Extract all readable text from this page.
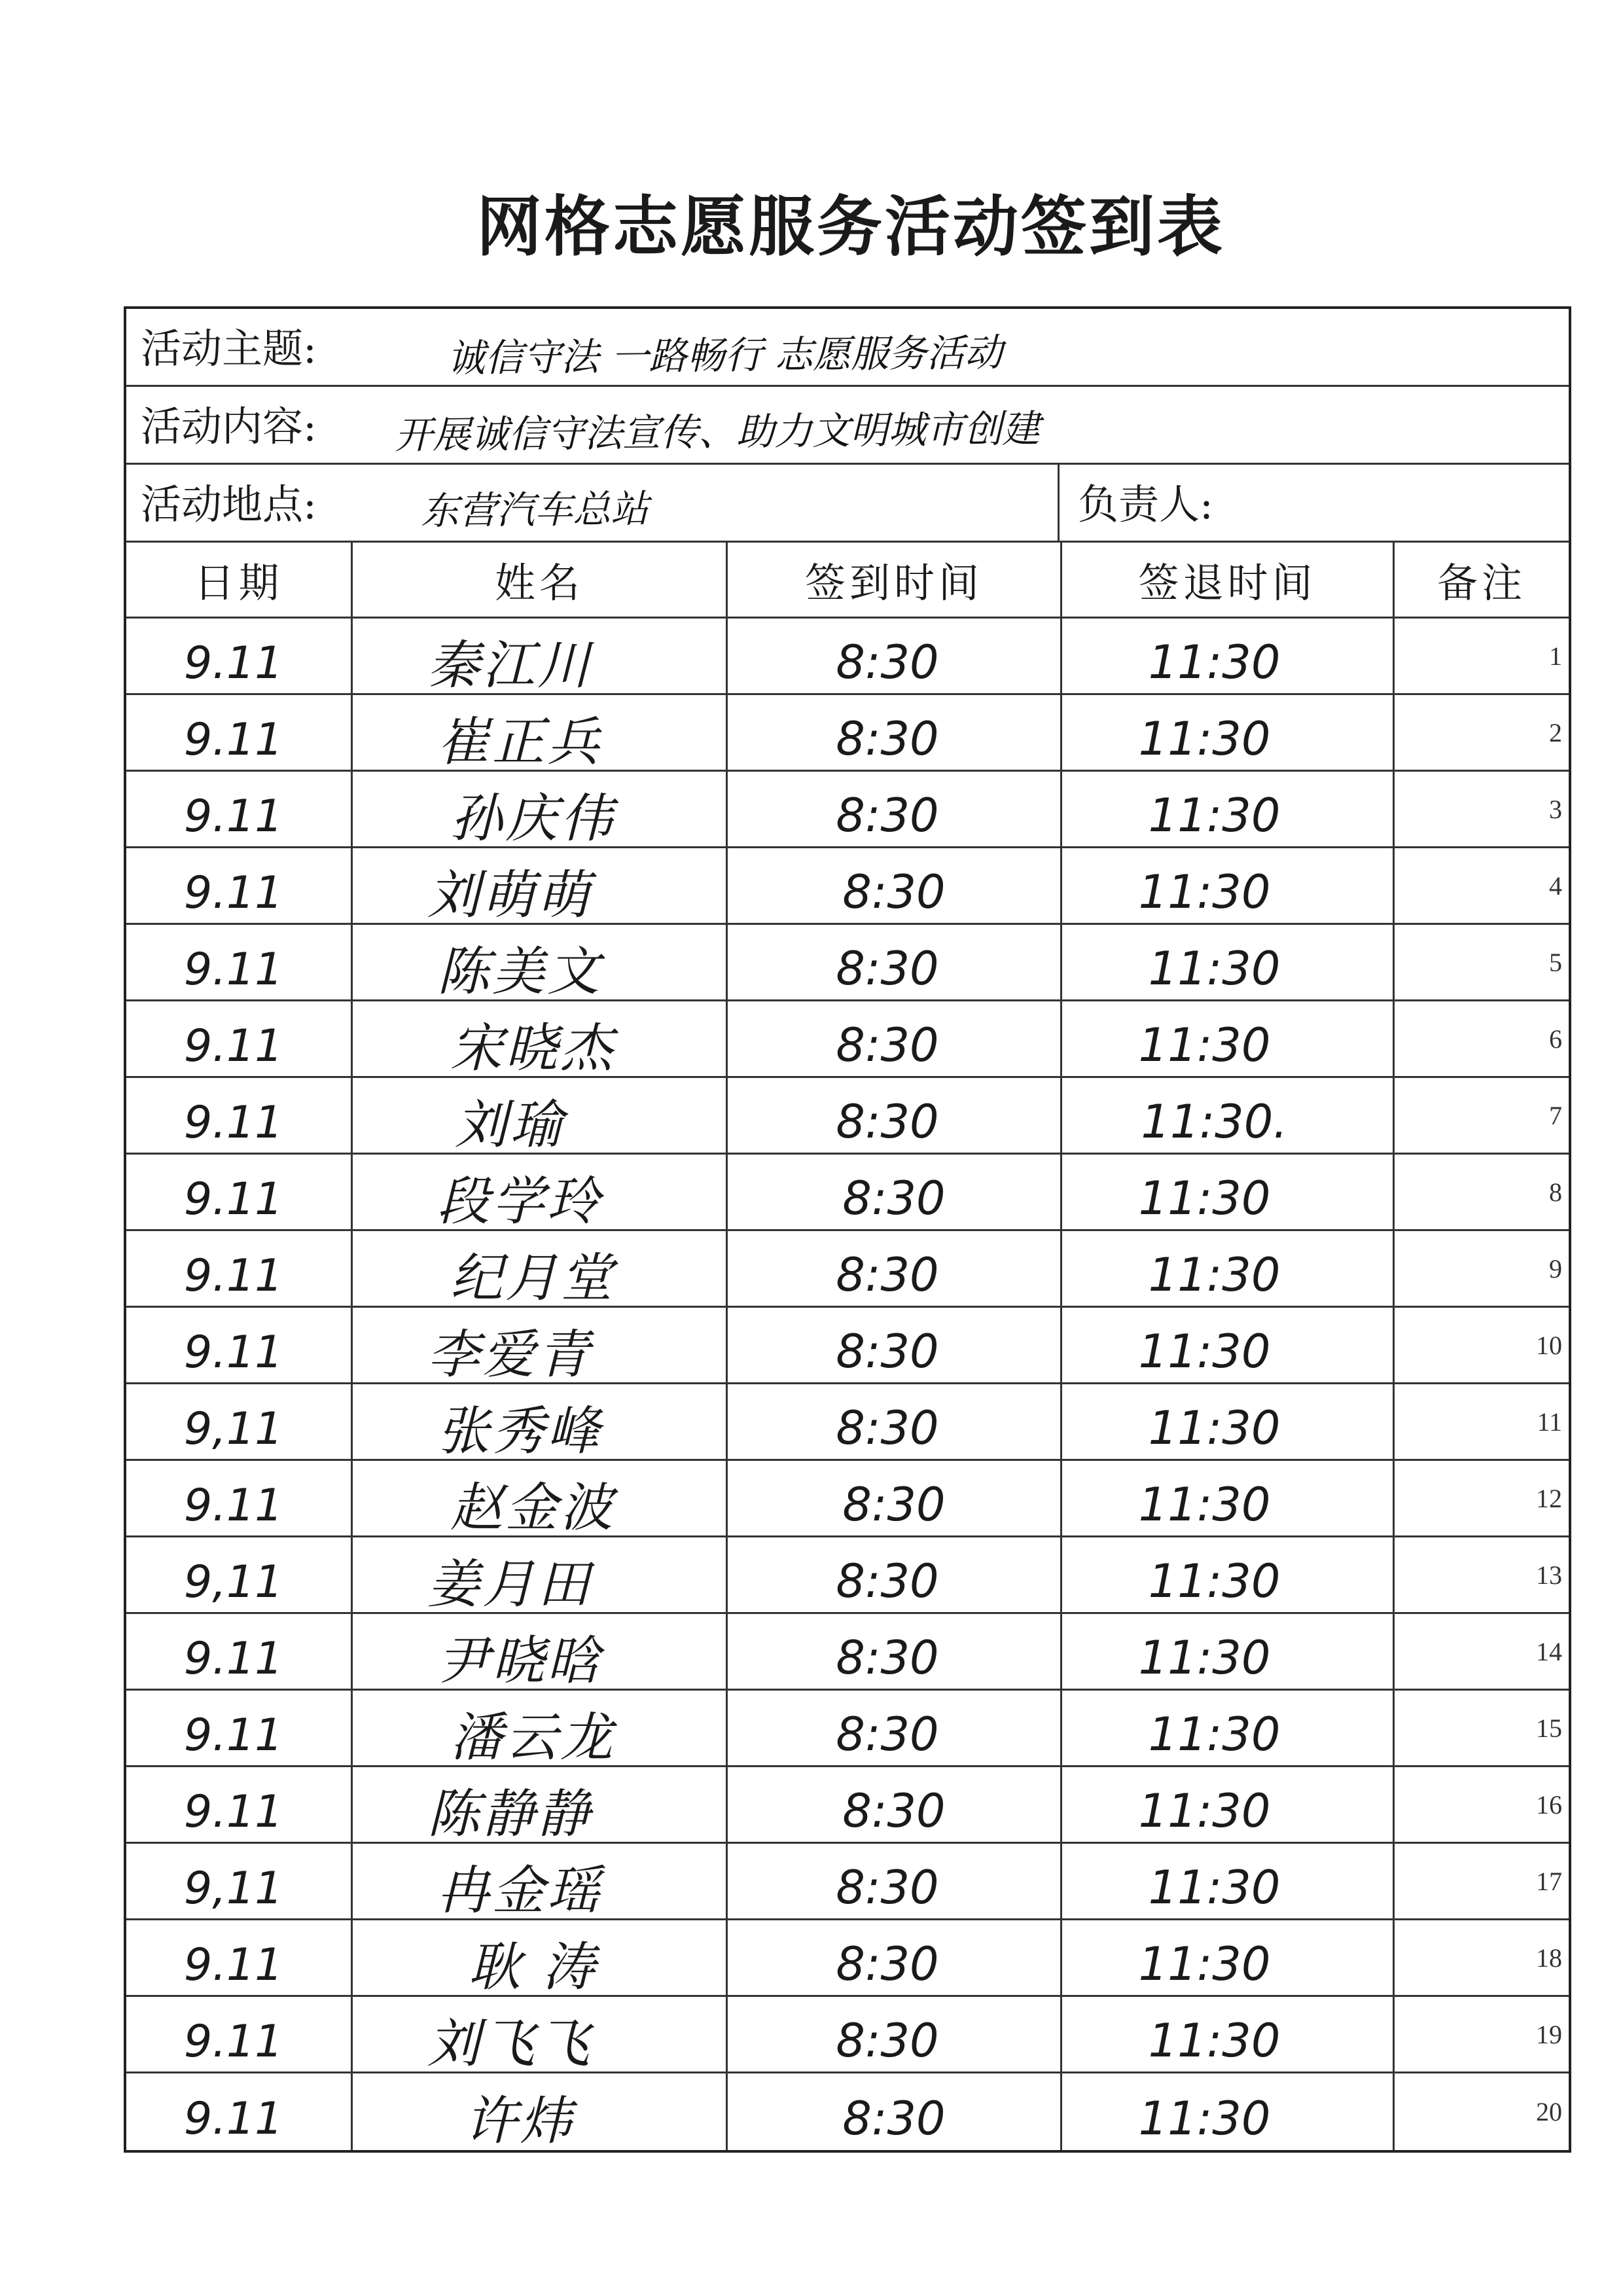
网格志愿服务活动签到表
活动主题:	诚信守法 一路畅行 志愿服务活动
活动内容: 开展诚信守法宣传、助力文明城市创建
活动地点:	东营汽车总站	负责人:
日期	姓名	签到时间	签退时间	备注
9.11	秦江川	8:30	11:30	1
9.11	崔正兵	8:30	11:30	2
9.11	孙庆伟	8:30	11:30	3
9.11	刘萌萌	8:30	11:30	4
9.11	陈美文	8:30	11:30	5
9.11	宋晓杰	8:30	11:30	6
9.11	刘瑜	8:30	11:30.	7
9.11	段学玲	8:30	11:30	8
9.11	纪月堂	8:30	11:30	9
9.11	李爱青	8:30	11:30	10
9,11	张秀峰	8:30	11:30	11
9.11	赵金波	8:30	11:30	12
9,11	姜月田	8:30	11:30	13
9.11	尹晓晗	8:30	11:30	14
9.11	潘云龙	8:30	11:30	15
9.11	陈静静	8:30	11:30	16
9,11	冉金瑶	8:30	11:30	17
9.11	耿 涛	8:30	11:30	18
9.11	刘飞飞	8:30	11:30	19
9.11	许炜	8:30	11:30	20
